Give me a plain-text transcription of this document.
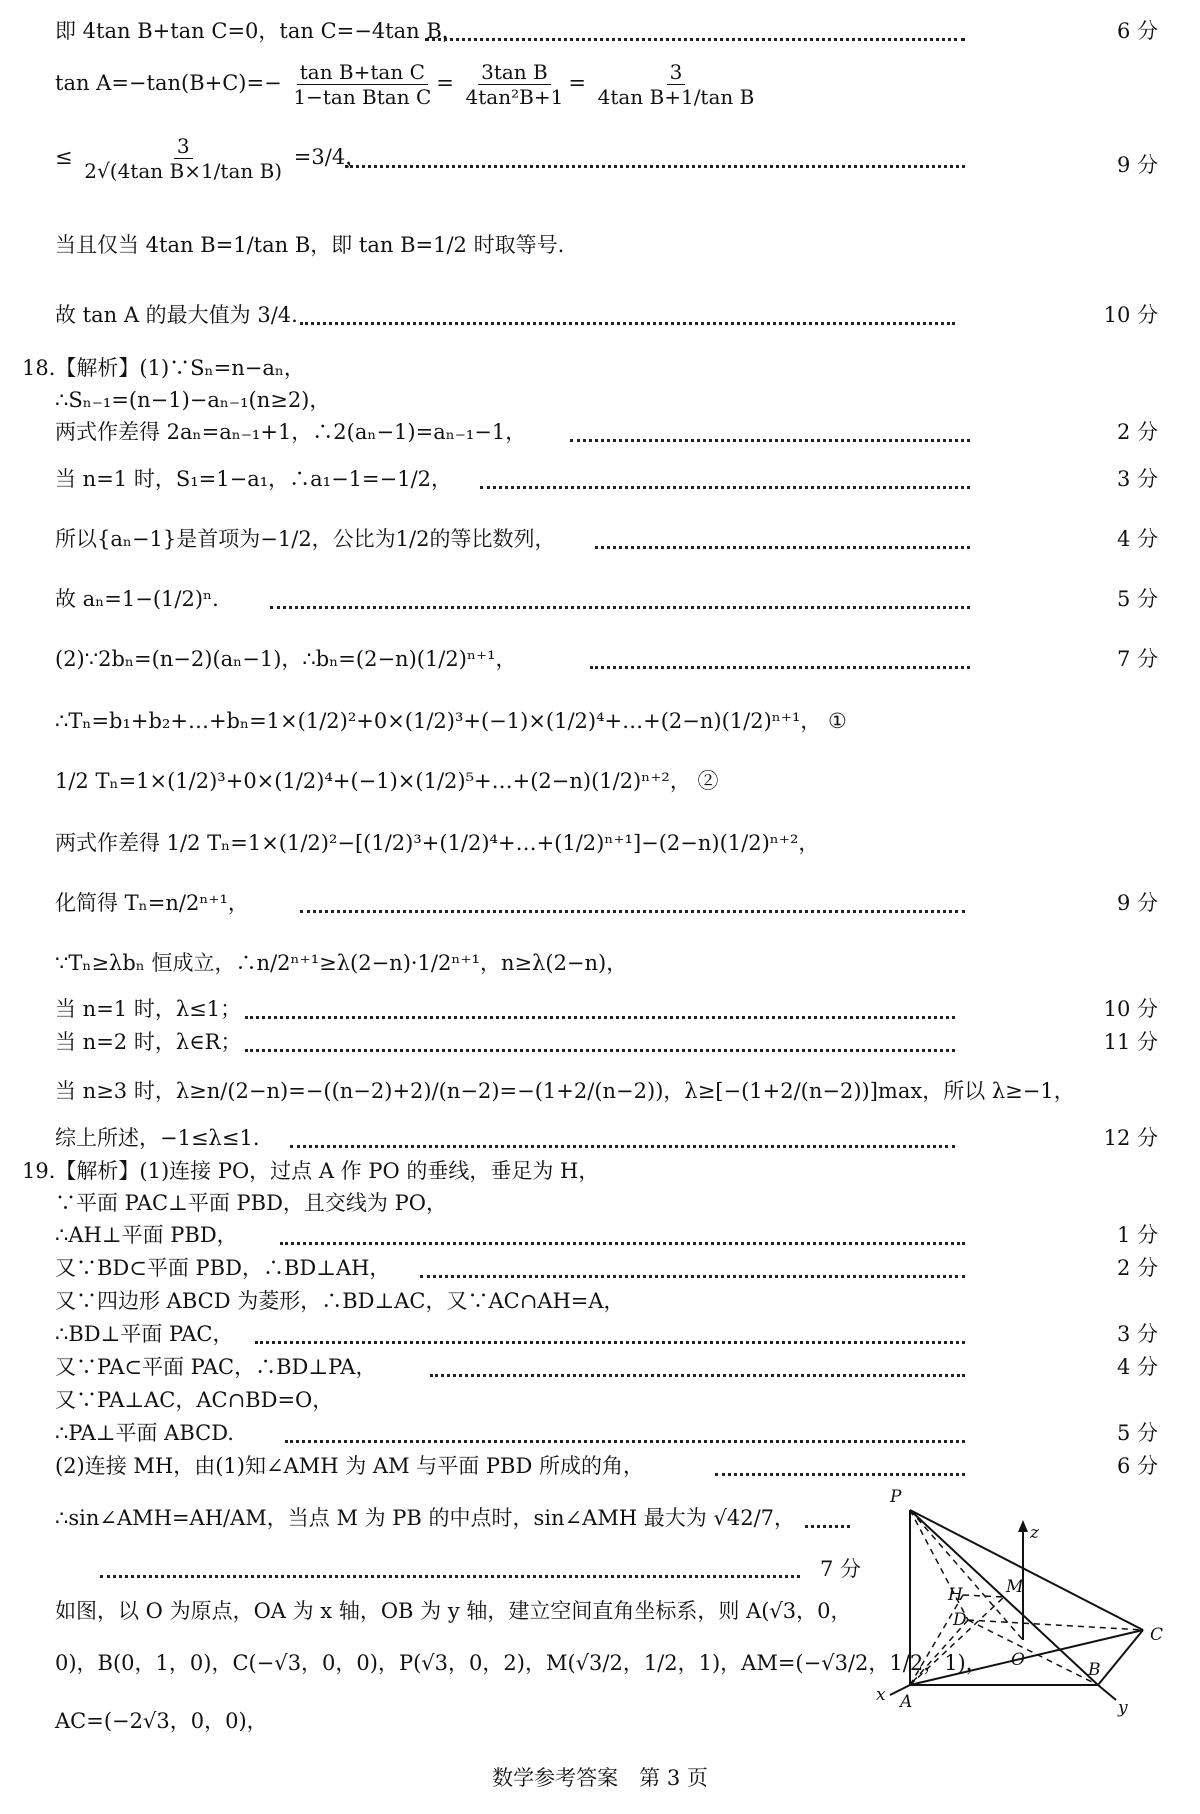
即 4tan B+tan C=0，tan C=−4tan B，	6 分
$\tan A=-\tan(B+C)=- \frac{\text{tan B+tan C}}{\text{1−tan Btan C}} = \frac{\text{3tan B}}{\text{4tan²B+1}} = \frac{3}{\text{4tan B+1/tan B}}$
≤ $\frac{3}{\text{2√(4tan B×1/tan B)}} =3/4$，	9 分
当且仅当 4tan B=1/tan B，即 tan B=1/2 时取等号.
故 tan A 的最大值为 3/4.	10 分
18.【解析】(1)∵Sₙ=n−aₙ，
∴Sₙ₋₁=(n−1)−aₙ₋₁(n≥2)，
两式作差得 2aₙ=aₙ₋₁+1，∴2(aₙ−1)=aₙ₋₁−1，	2 分
当 n=1 时，S₁=1−a₁，∴a₁−1=−1/2，	3 分
所以{aₙ−1}是首项为−1/2，公比为1/2的等比数列，	4 分
故 aₙ=1−(1/2)ⁿ.	5 分
(2)∵2bₙ=(n−2)(aₙ−1)，∴bₙ=(2−n)(1/2)ⁿ⁺¹，	7 分
∴Tₙ=b₁+b₂+…+bₙ=1×(1/2)²+0×(1/2)³+(−1)×(1/2)⁴+…+(2−n)(1/2)ⁿ⁺¹， ①
1/2 Tₙ=1×(1/2)³+0×(1/2)⁴+(−1)×(1/2)⁵+…+(2−n)(1/2)ⁿ⁺²， ②
两式作差得 1/2 Tₙ=1×(1/2)²−[(1/2)³+(1/2)⁴+…+(1/2)ⁿ⁺¹]−(2−n)(1/2)ⁿ⁺²，
化简得 Tₙ=n/2ⁿ⁺¹，	9 分
∵Tₙ≥λbₙ 恒成立，∴n/2ⁿ⁺¹≥λ(2−n)·1/2ⁿ⁺¹，n≥λ(2−n)，
当 n=1 时，λ≤1；	10 分
当 n=2 时，λ∈R；	11 分
当 n≥3 时，λ≥n/(2−n)=−((n−2)+2)/(n−2)=−(1+2/(n−2))，λ≥[−(1+2/(n−2))]max，所以 λ≥−1，
综上所述，−1≤λ≤1.	12 分
19.【解析】(1)连接 PO，过点 A 作 PO 的垂线，垂足为 H，
∵平面 PAC⊥平面 PBD，且交线为 PO，
∴AH⊥平面 PBD，	1 分
又∵BD⊂平面 PBD，∴BD⊥AH，	2 分
又∵四边形 ABCD 为菱形，∴BD⊥AC，又∵AC∩AH=A，
∴BD⊥平面 PAC，	3 分
又∵PA⊂平面 PAC，∴BD⊥PA，	4 分
又∵PA⊥AC，AC∩BD=O，
∴PA⊥平面 ABCD.	5 分
(2)连接 MH，由(1)知∠AMH 为 AM 与平面 PBD 所成的角，	6 分
∴sin∠AMH=AH/AM，当点 M 为 PB 的中点时，sin∠AMH 最大为 √42/7，
7 分
如图，以 O 为原点，OA 为 x 轴，OB 为 y 轴，建立空间直角坐标系，则 A(√3，0，
0)，B(0，1，0)，C(−√3，0，0)，P(√3，0，2)，M(√3/2，1/2，1)，AM=(−√3/2，1/2，1)，
AC=(−2√3，0，0)，
P
z
M
H
D
C
O	B
A
x
y
数学参考答案　第 3 页
